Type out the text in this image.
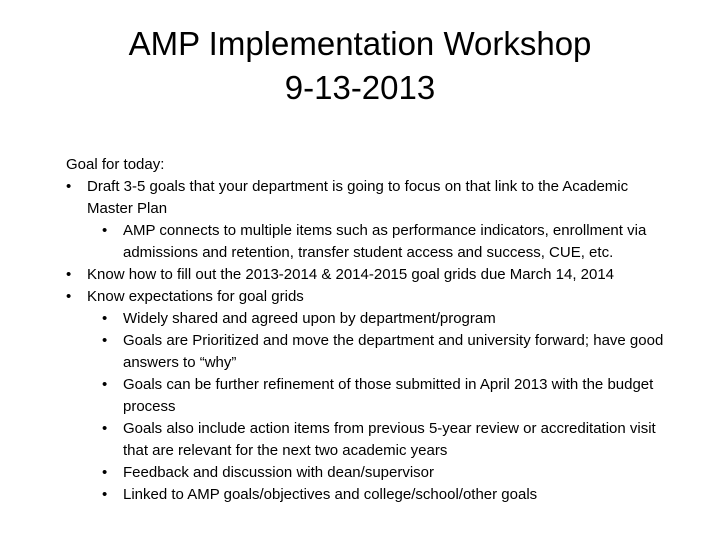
AMP Implementation Workshop
9-13-2013

Goal for today:

•	Draft 3-5 goals that your department is going to focus on that link to the Academic Master Plan
•	AMP connects to multiple items such as performance indicators, enrollment via admissions and retention, transfer student access and success, CUE, etc.
•	Know how to fill out the 2013-2014 & 2014-2015 goal grids due March 14, 2014
•	Know expectations for goal grids
•	Widely shared and agreed upon by department/program
•	Goals are Prioritized and move the department and university forward; have good answers to “why”
•	Goals can be further refinement of those submitted in April 2013 with the budget process
•	Goals also include action items from previous 5-year review or accreditation visit that are relevant for the next two academic years
•	Feedback and discussion with dean/supervisor
•	Linked to AMP goals/objectives and college/school/other goals
